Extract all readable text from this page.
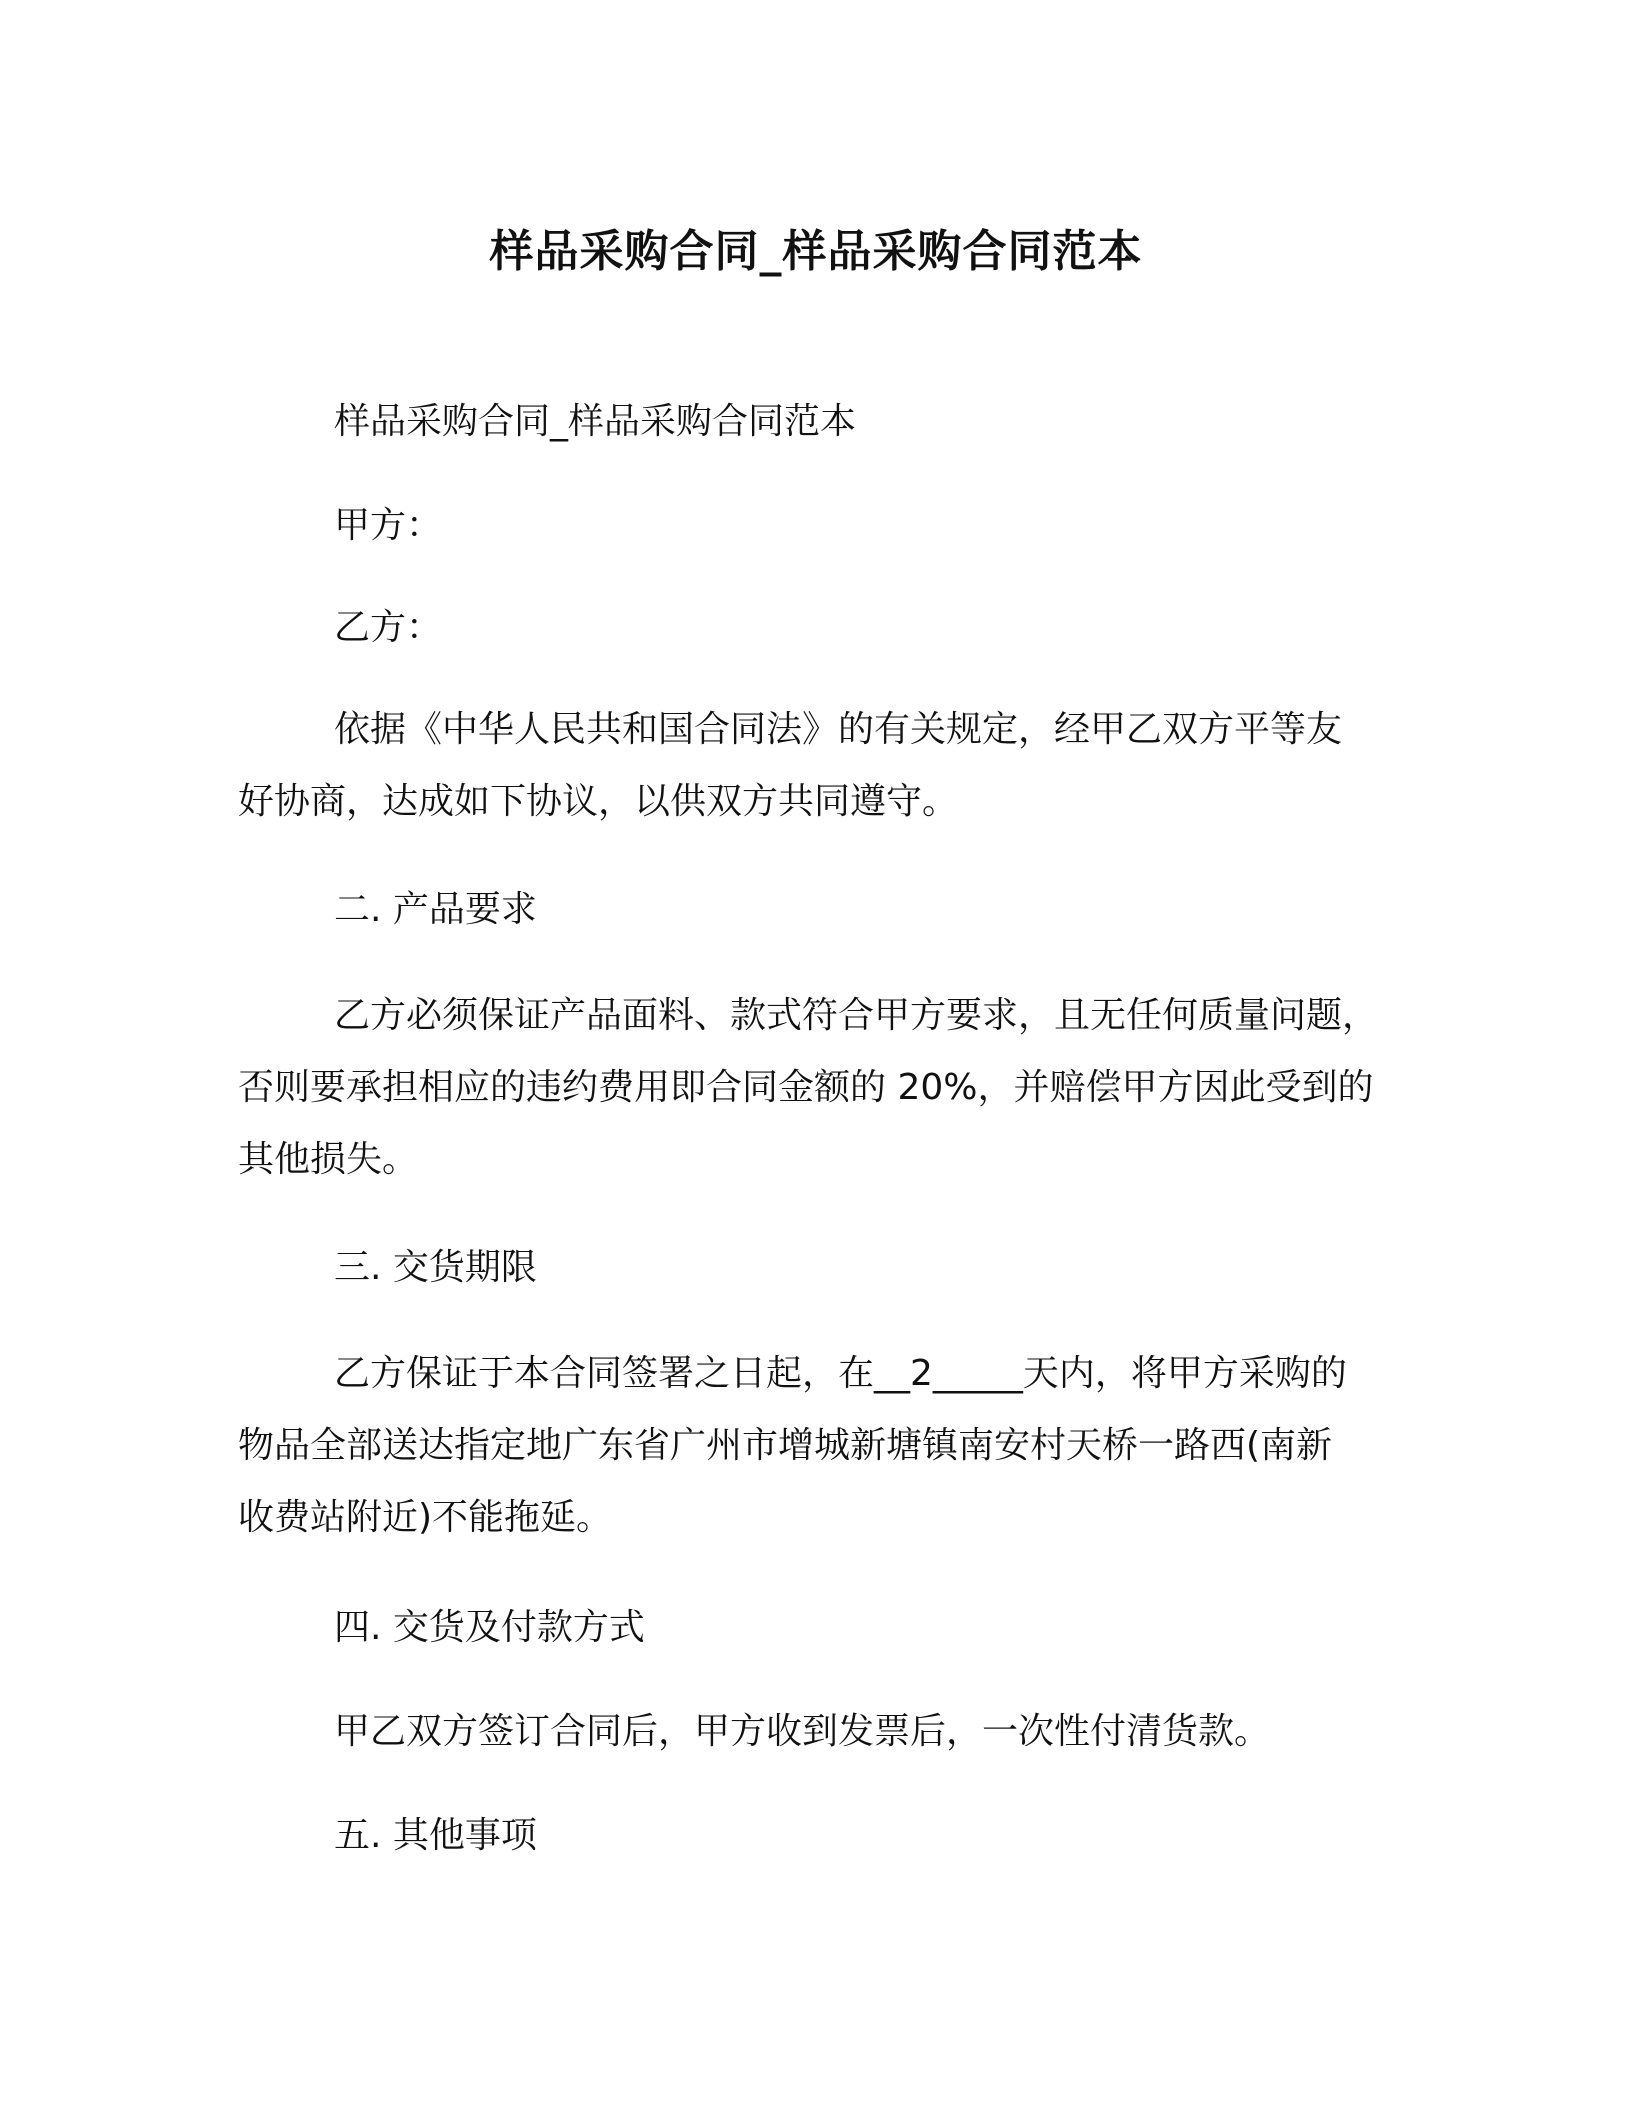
样品采购合同_样品采购合同范本

样品采购合同_样品采购合同范本

甲方：

乙方：

依据《中华人民共和国合同法》的有关规定，经甲乙双方平等友好协商，达成如下协议，以供双方共同遵守。

二. 产品要求

乙方必须保证产品面料、款式符合甲方要求，且无任何质量问题，否则要承担相应的违约费用即合同金额的 20%，并赔偿甲方因此受到的其他损失。

三. 交货期限

乙方保证于本合同签署之日起，在__2_____天内，将甲方采购的物品全部送达指定地广东省广州市增城新塘镇南安村天桥一路西(南新收费站附近)不能拖延。

四. 交货及付款方式

甲乙双方签订合同后，甲方收到发票后，一次性付清货款。

五. 其他事项
